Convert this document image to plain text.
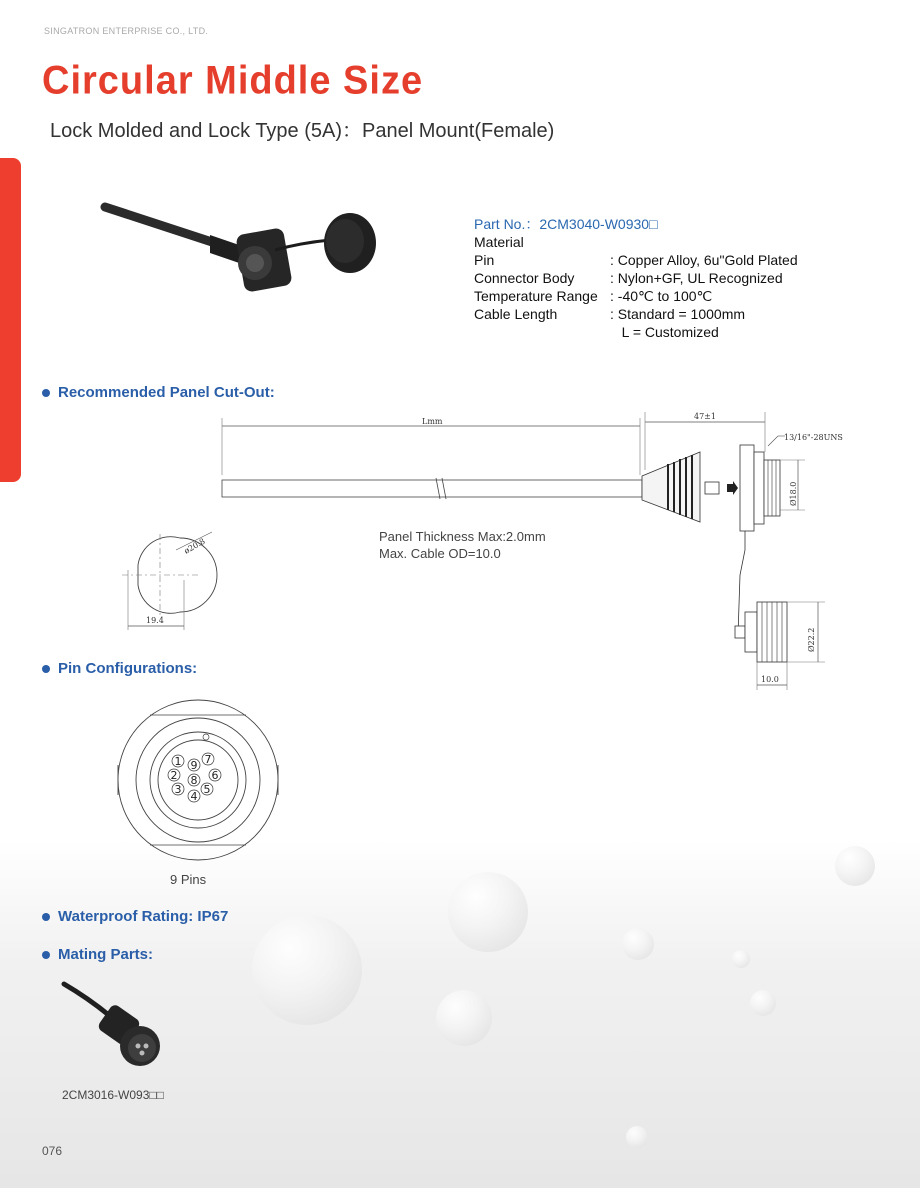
SINGATRON ENTERPRISE CO., LTD.
Circular Middle Size
Lock Molded and Lock Type (5A)：Panel Mount(Female)
Part No.：2CM3040-W0930□
Material
Pin	: Copper Alloy, 6u"Gold Plated
Connector Body	: Nylon+GF, UL Recognized
Temperature Range : -40℃ to 100℃
Cable Length	: Standard = 1000mm
L = Customized
Recommended Panel Cut-Out:
Lmm
47±1
13/16"-28UNS
Ø18.0
Ø22.2
10.0
19.4
ø20.8
Panel Thickness Max:2.0mm
Max. Cable OD=10.0
Pin Configurations:
1
2
3
4
5
6
7
8
9
9 Pins
Waterproof Rating: IP67
Mating Parts:
2CM3016-W093□□
076
